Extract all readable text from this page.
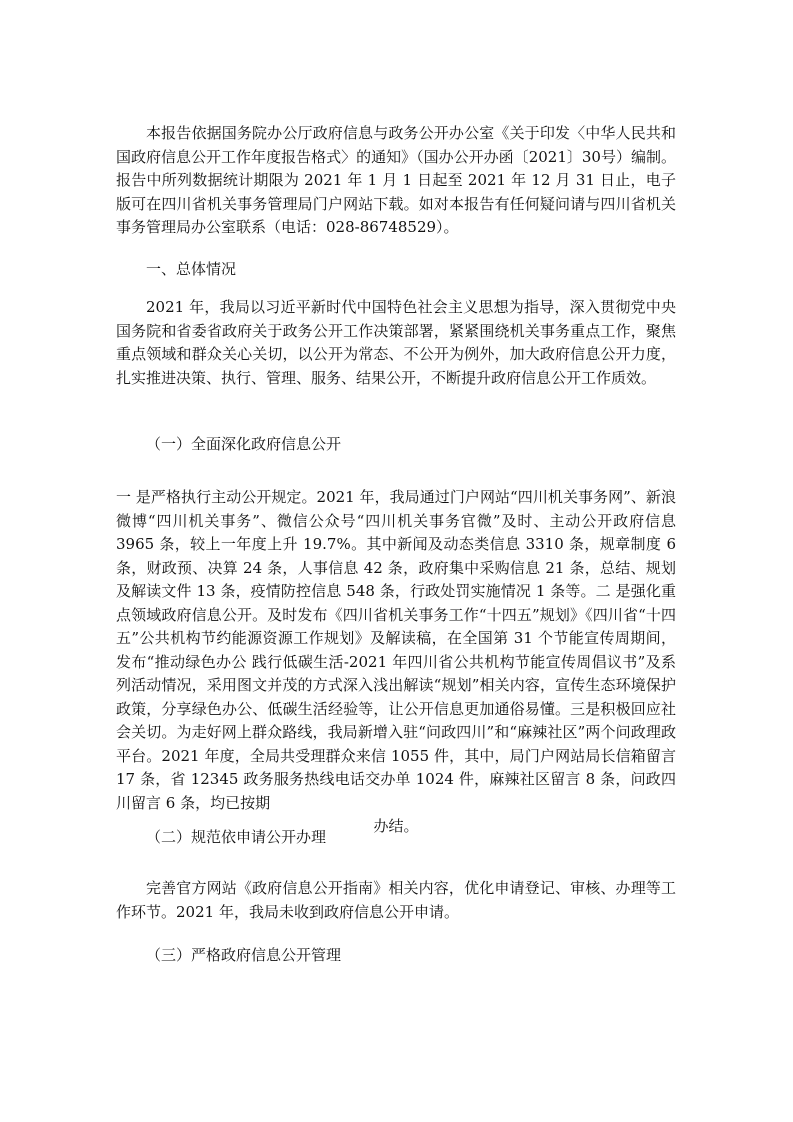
本报告依据国务院办公厅政府信息与政务公开办公室《关于印发〈中华人民共和国政府信息公开工作年度报告格式〉的通知》（国办公开办函〔2021〕30号）编制。报告中所列数据统计期限为 2021 年 1 月 1 日起至 2021 年 12 月 31 日止，电子版可在四川省机关事务管理局门户网站下载。如对本报告有任何疑问请与四川省机关事务管理局办公室联系（电话：028-86748529）。

一、总体情况

2021 年，我局以习近平新时代中国特色社会主义思想为指导，深入贯彻党中央国务院和省委省政府关于政务公开工作决策部署，紧紧围绕机关事务重点工作，聚焦重点领域和群众关心关切，以公开为常态、不公开为例外，加大政府信息公开力度，扎实推进决策、执行、管理、服务、结果公开，不断提升政府信息公开工作质效。

（一）全面深化政府信息公开

一 是严格执行主动公开规定。2021 年，我局通过门户网站“四川机关事务网”、新浪微博“四川机关事务”、微信公众号“四川机关事务官微”及时、主动公开政府信息 3965 条，较上一年度上升 19.7%。其中新闻及动态类信息 3310 条，规章制度 6 条，财政预、决算 24 条，人事信息 42 条，政府集中采购信息 21 条，总结、规划及解读文件 13 条，疫情防控信息 548 条，行政处罚实施情况 1 条等。二 是强化重点领域政府信息公开。及时发布《四川省机关事务工作“十四五”规划》《四川省“十四五”公共机构节约能源资源工作规划》及解读稿，在全国第 31 个节能宣传周期间，发布“推动绿色办公 践行低碳生活-2021 年四川省公共机构节能宣传周倡议书”及系列活动情况，采用图文并茂的方式深入浅出解读“规划”相关内容，宣传生态环境保护政策，分享绿色办公、低碳生活经验等，让公开信息更加通俗易懂。三是积极回应社会关切。为走好网上群众路线，我局新增入驻“问政四川”和“麻辣社区”两个问政理政平台。2021 年度，全局共受理群众来信 1055 件，其中，局门户网站局长信箱留言 17 条，省 12345 政务服务热线电话交办单 1024 件，麻辣社区留言 8 条，问政四川留言 6 条，均已按期
办结。

（二）规范依申请公开办理

完善官方网站《政府信息公开指南》相关内容，优化申请登记、审核、办理等工作环节。2021 年，我局未收到政府信息公开申请。

（三）严格政府信息公开管理
